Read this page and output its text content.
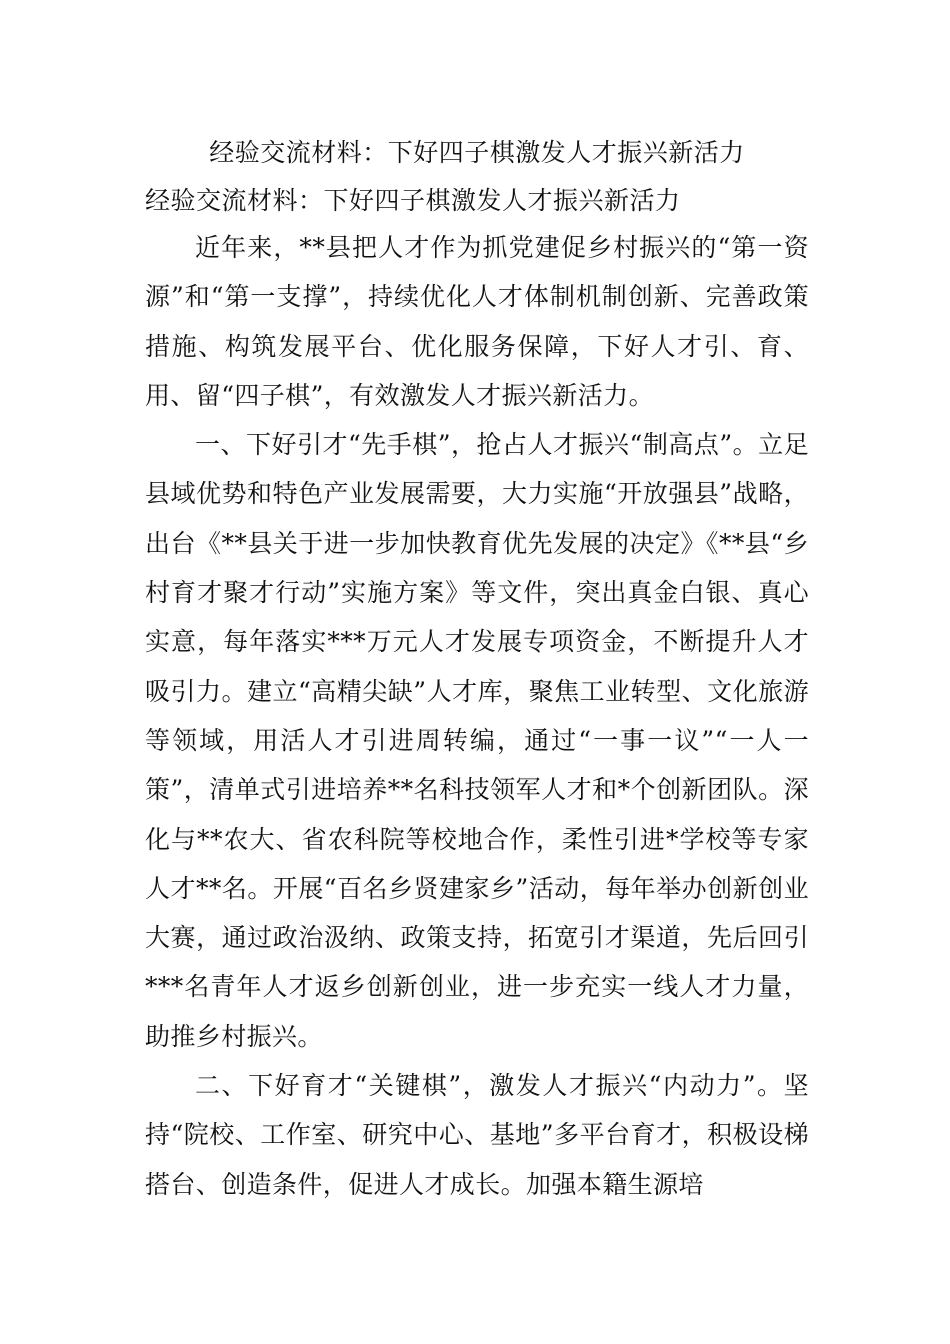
经验交流材料：下好四子棋激发人才振兴新活力

经验交流材料：下好四子棋激发人才振兴新活力

近年来，**县把人才作为抓党建促乡村振兴的“第一资源”和“第一支撑”，持续优化人才体制机制创新、完善政策措施、构筑发展平台、优化服务保障，下好人才引、育、用、留“四子棋”，有效激发人才振兴新活力。

一、下好引才“先手棋”，抢占人才振兴“制高点”。立足县域优势和特色产业发展需要，大力实施“开放强县”战略，出台《**县关于进一步加快教育优先发展的决定》《**县“乡村育才聚才行动”实施方案》等文件，突出真金白银、真心实意，每年落实***万元人才发展专项资金，不断提升人才吸引力。建立“高精尖缺”人才库，聚焦工业转型、文化旅游等领域，用活人才引进周转编，通过“一事一议”“一人一策”，清单式引进培养**名科技领军人才和*个创新团队。深化与**农大、省农科院等校地合作，柔性引进*学校等专家人才**名。开展“百名乡贤建家乡”活动，每年举办创新创业大赛，通过政治汲纳、政策支持，拓宽引才渠道，先后回引***名青年人才返乡创新创业，进一步充实一线人才力量，助推乡村振兴。

二、下好育才“关键棋”，激发人才振兴“内动力”。坚持“院校、工作室、研究中心、基地”多平台育才，积极设梯搭台、创造条件，促进人才成长。加强本籍生源培
